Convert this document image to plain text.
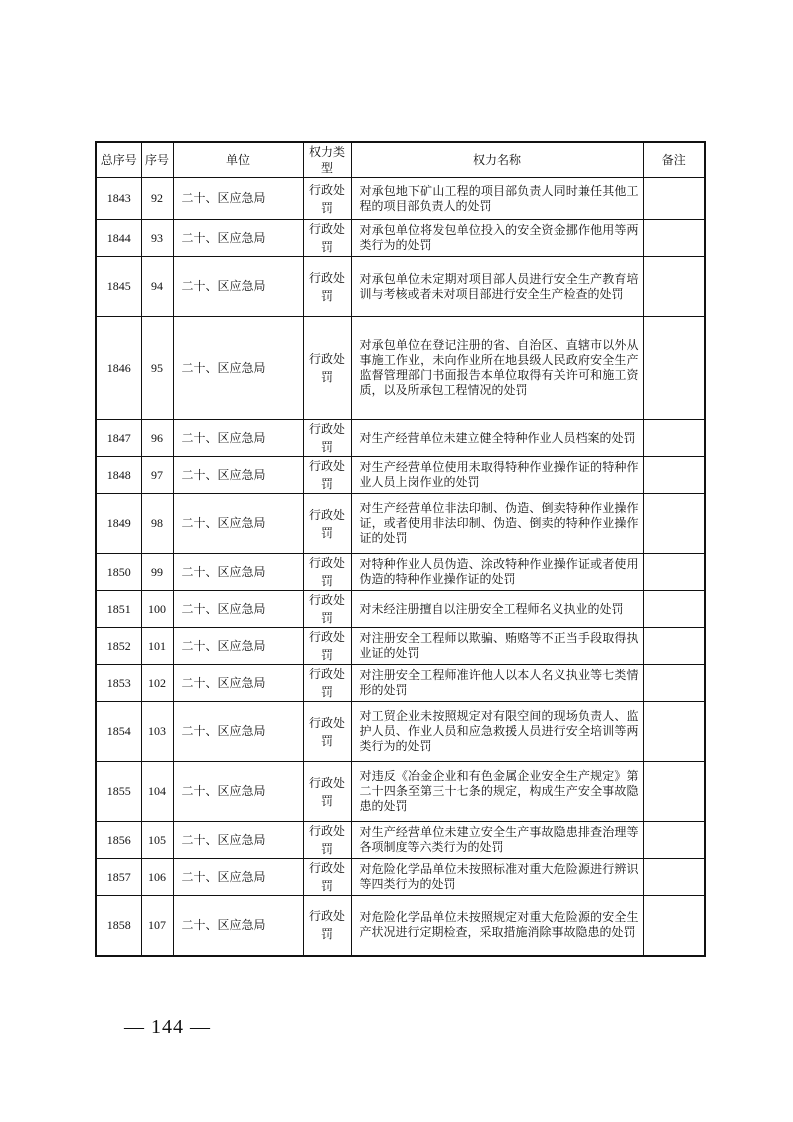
总序号	序号	单位	权力类型	权力名称	备注
1843	92	二十、区应急局	行政处罚	对承包地下矿山工程的项目部负责人同时兼任其他工程的项目部负责人的处罚	
1844	93	二十、区应急局	行政处罚	对承包单位将发包单位投入的安全资金挪作他用等两类行为的处罚	
1845	94	二十、区应急局	行政处罚	对承包单位未定期对项目部人员进行安全生产教育培训与考核或者未对项目部进行安全生产检查的处罚	
1846	95	二十、区应急局	行政处罚	对承包单位在登记注册的省、自治区、直辖市以外从事施工作业，未向作业所在地县级人民政府安全生产监督管理部门书面报告本单位取得有关许可和施工资质，以及所承包工程情况的处罚	
1847	96	二十、区应急局	行政处罚	对生产经营单位未建立健全特种作业人员档案的处罚	
1848	97	二十、区应急局	行政处罚	对生产经营单位使用未取得特种作业操作证的特种作业人员上岗作业的处罚	
1849	98	二十、区应急局	行政处罚	对生产经营单位非法印制、伪造、倒卖特种作业操作证，或者使用非法印制、伪造、倒卖的特种作业操作证的处罚	
1850	99	二十、区应急局	行政处罚	对特种作业人员伪造、涂改特种作业操作证或者使用伪造的特种作业操作证的处罚	
1851	100	二十、区应急局	行政处罚	对未经注册擅自以注册安全工程师名义执业的处罚	
1852	101	二十、区应急局	行政处罚	对注册安全工程师以欺骗、贿赂等不正当手段取得执业证的处罚	
1853	102	二十、区应急局	行政处罚	对注册安全工程师准许他人以本人名义执业等七类情形的处罚	
1854	103	二十、区应急局	行政处罚	对工贸企业未按照规定对有限空间的现场负责人、监护人员、作业人员和应急救援人员进行安全培训等两类行为的处罚	
1855	104	二十、区应急局	行政处罚	对违反《冶金企业和有色金属企业安全生产规定》第二十四条至第三十七条的规定，构成生产安全事故隐患的处罚	
1856	105	二十、区应急局	行政处罚	对生产经营单位未建立安全生产事故隐患排查治理等各项制度等六类行为的处罚	
1857	106	二十、区应急局	行政处罚	对危险化学品单位未按照标准对重大危险源进行辨识等四类行为的处罚	
1858	107	二十、区应急局	行政处罚	对危险化学品单位未按照规定对重大危险源的安全生产状况进行定期检查，采取措施消除事故隐患的处罚	
— 144 —
